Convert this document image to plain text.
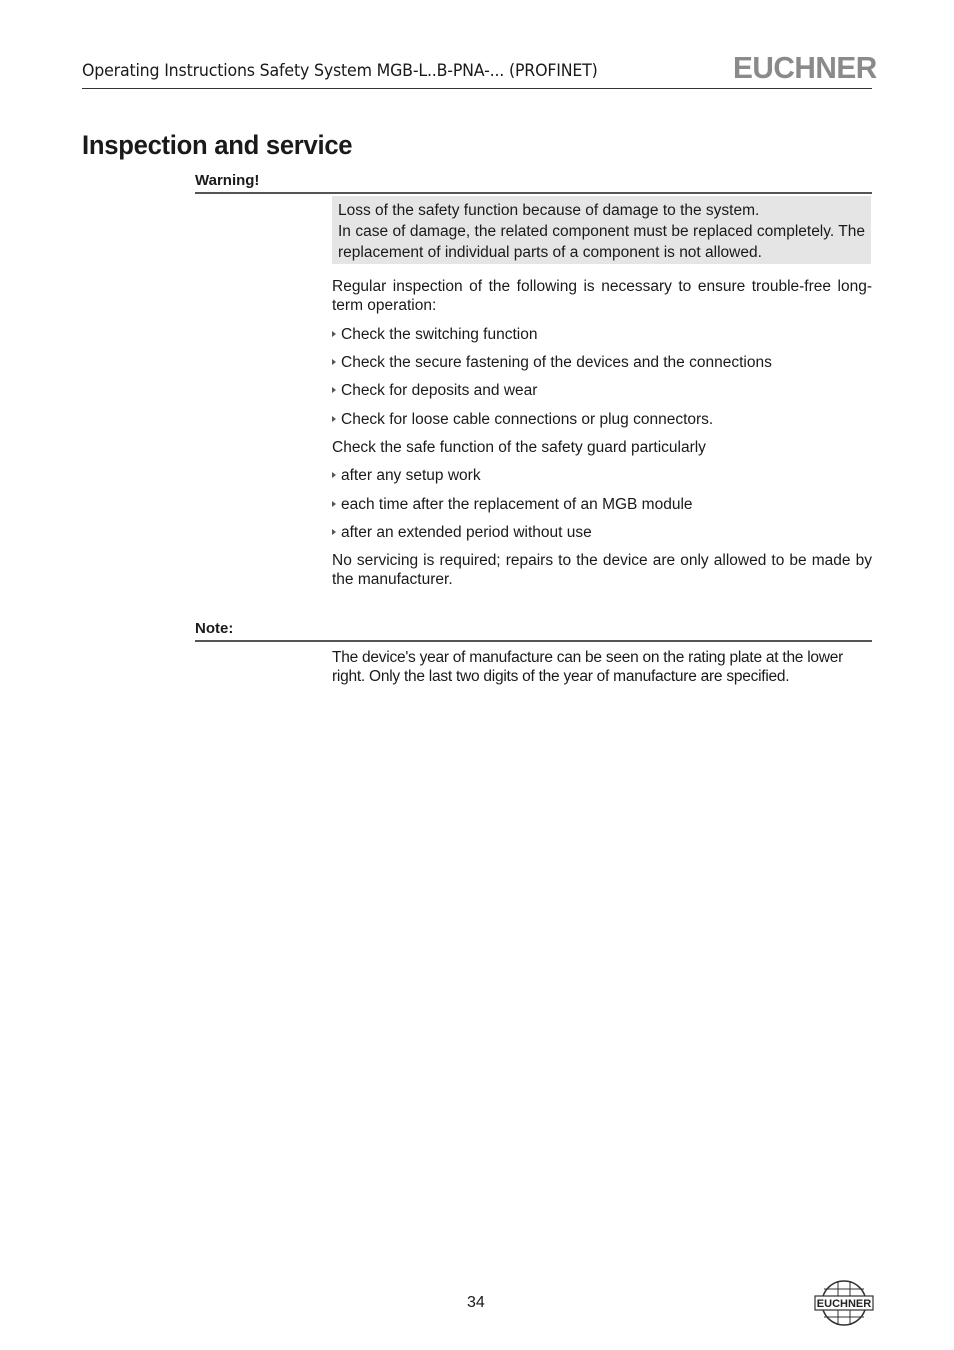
Operating Instructions Safety System MGB-L..B-PNA-... (PROFINET)	EUCHNER
Inspection and service
Warning!
Loss of the safety function because of damage to the system.
In case of damage, the related component must be replaced completely. The
replacement of individual parts of a component is not allowed.
Regular inspection of the following is necessary to ensure trouble-free long-term operation:
Check the switching function
Check the secure fastening of the devices and the connections
Check for deposits and wear
Check for loose cable connections or plug connectors.
Check the safe function of the safety guard particularly
after any setup work
each time after the replacement of an MGB module
after an extended period without use
No servicing is required; repairs to the device are only allowed to be made by the manufacturer.
Note:
The device's year of manufacture can be seen on the rating plate at the lower right. Only the last two digits of the year of manufacture are specified.
34	EUCHNER
